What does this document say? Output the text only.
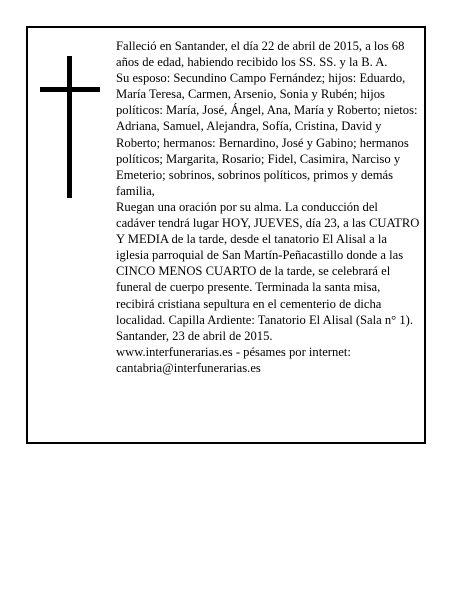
Falleció en Santander, el día 22 de abril de 2015, a los 68 años de edad, habiendo recibido los SS. SS. y la B. A.

Su esposo: Secundino Campo Fernández; hijos: Eduardo, María Teresa, Carmen, Arsenio, Sonia y Rubén; hijos políticos: María, José, Ángel, Ana, María y Roberto; nietos: Adriana, Samuel, Alejandra, Sofía, Cristina, David y Roberto; hermanos: Bernardino, José y Gabino; hermanos políticos; Margarita, Rosario; Fidel, Casimira, Narciso y Emeterio; sobrinos, sobrinos políticos, primos y demás familia,

Ruegan una oración por su alma. La conducción del cadáver tendrá lugar HOY, JUEVES, día 23, a las CUATRO Y MEDIA de la tarde, desde el tanatorio El Alisal a la iglesia parroquial de San Martín-Peñacastillo donde a las CINCO MENOS CUARTO de la tarde, se celebrará el funeral de cuerpo presente. Terminada la santa misa, recibirá cristiana sepultura en el cementerio de dicha localidad. Capilla Ardiente: Tanatorio El Alisal (Sala n° 1).

Santander, 23 de abril de 2015.

www.interfunerarias.es - pésames por internet: cantabria@interfunerarias.es
